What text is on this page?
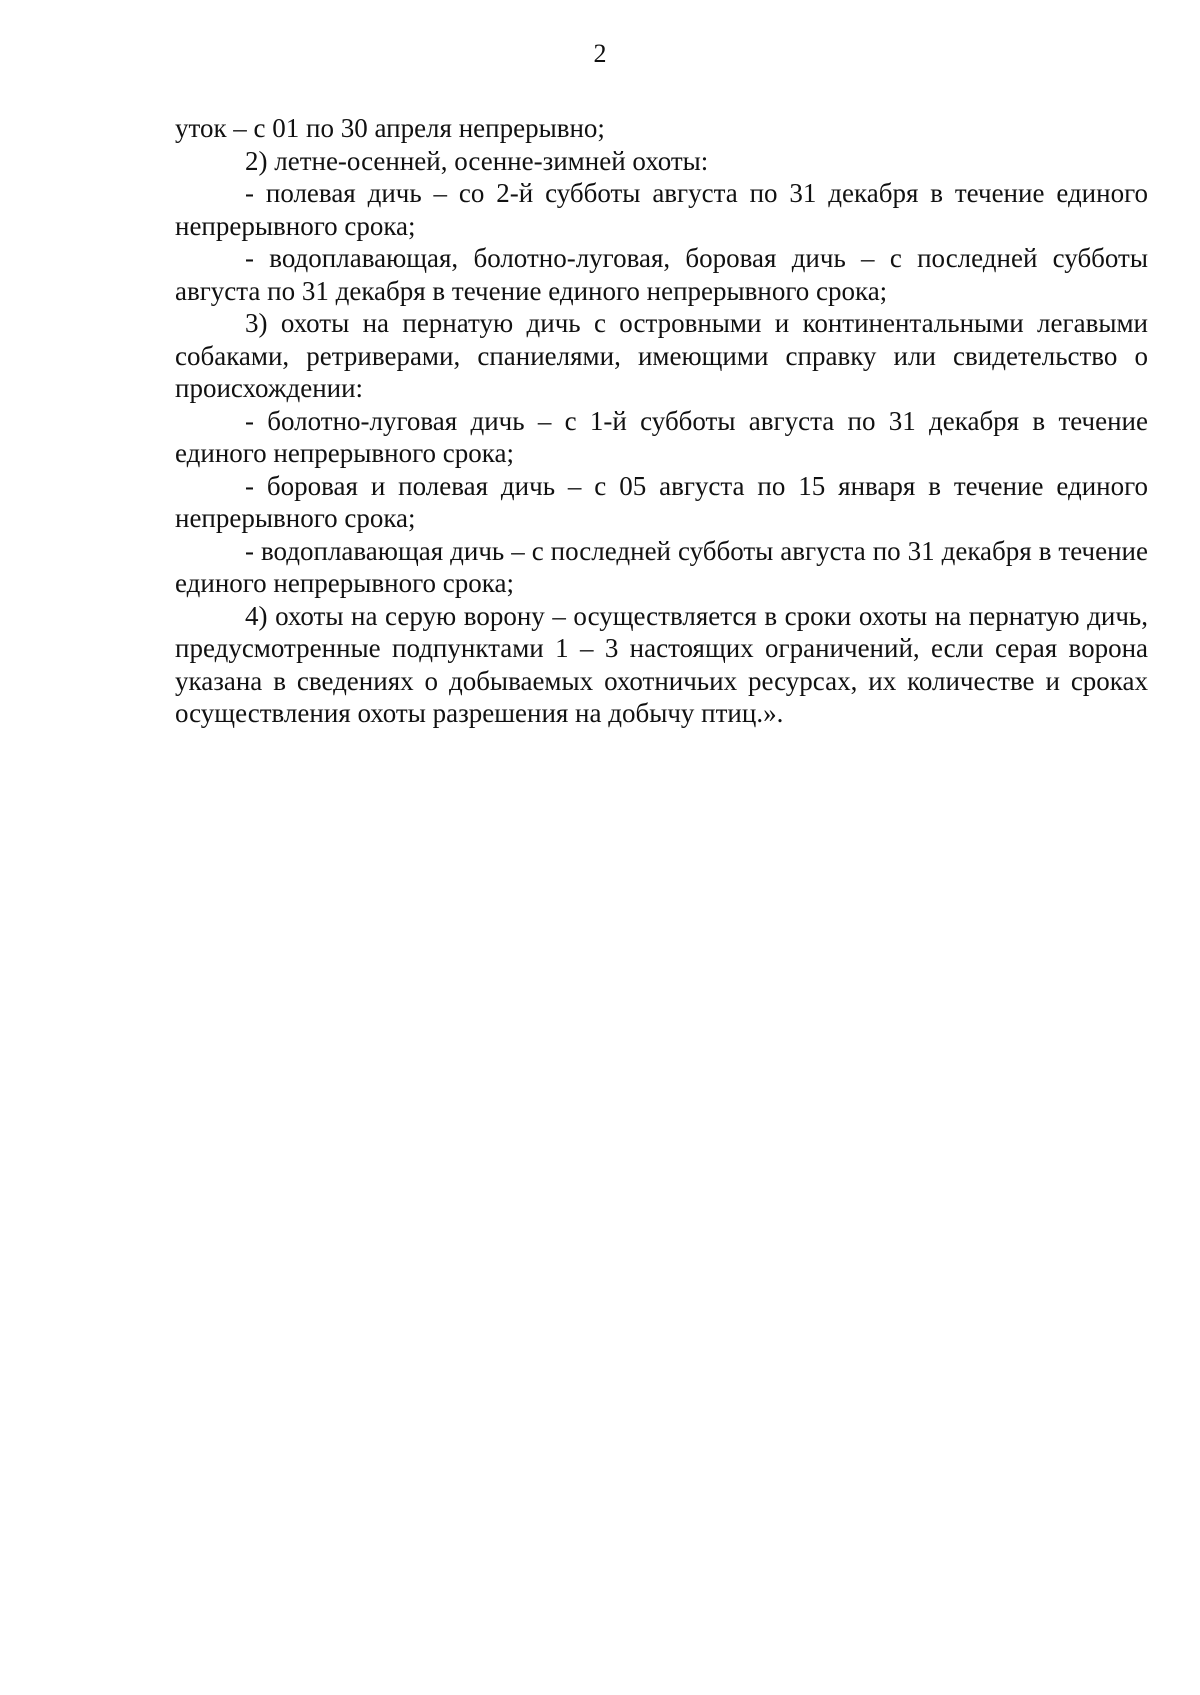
2

уток – с 01 по 30 апреля непрерывно;

2) летне-осенней, осенне-зимней охоты:

- полевая дичь – со 2-й субботы августа по 31 декабря в течение единого непрерывного срока;

- водоплавающая, болотно-луговая, боровая дичь – с последней субботы августа по 31 декабря в течение единого непрерывного срока;

3) охоты на пернатую дичь с островными и континентальными легавыми собаками, ретриверами, спаниелями, имеющими справку или свидетельство о происхождении:

- болотно-луговая дичь – с 1-й субботы августа по 31 декабря в течение единого непрерывного срока;

- боровая и полевая дичь – с 05 августа по 15 января в течение единого непрерывного срока;

- водоплавающая дичь – с последней субботы августа по 31 декабря в течение единого непрерывного срока;

4) охоты на серую ворону – осуществляется в сроки охоты на пернатую дичь, предусмотренные подпунктами 1 – 3 настоящих ограничений, если серая ворона указана в сведениях о добываемых охотничьих ресурсах, их количестве и сроках осуществления охоты разрешения на добычу птиц.».
